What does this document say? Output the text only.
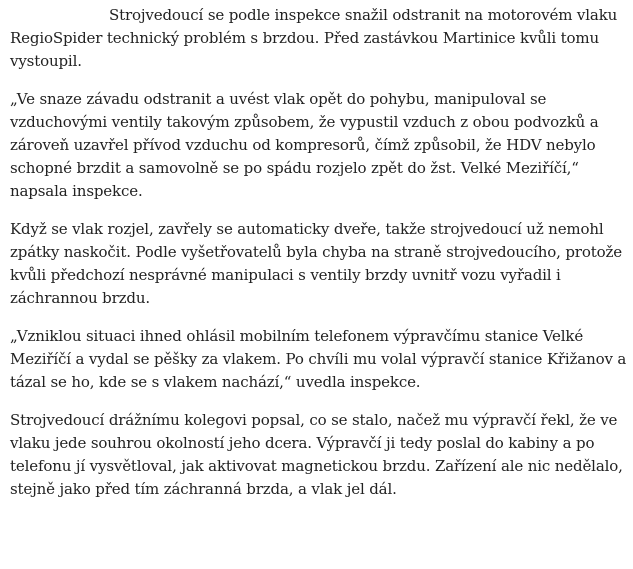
Strojvedoucí se podle inspekce snažil odstranit na motorovém vlaku RegioSpider technický problém s brzdou. Před zastávkou Martinice kvůli tomu vystoupil.

„Ve snaze závadu odstranit a uvést vlak opět do pohybu, manipuloval se vzduchovými ventily takovým způsobem, že vypustil vzduch z obou podvozků a zároveň uzavřel přívod vzduchu od kompresorů, čímž způsobil, že HDV nebylo schopné brzdit a samovolně se po spádu rozjelo zpět do žst. Velké Meziříčí,“ napsala inspekce.

Když se vlak rozjel, zavřely se automaticky dveře, takže strojvedoucí už nemohl zpátky naskočit. Podle vyšetřovatelů byla chyba na straně strojvedoucího, protože kvůli předchozí nesprávné manipulaci s ventily brzdy uvnitř vozu vyřadil i záchrannou brzdu.

„Vzniklou situaci ihned ohlásil mobilním telefonem výpravčímu stanice Velké Meziříčí a vydal se pěšky za vlakem. Po chvíli mu volal výpravčí stanice Křižanov a tázal se ho, kde se s vlakem nachází,“ uvedla inspekce.

Strojvedoucí drážnímu kolegovi popsal, co se stalo, načež mu výpravčí řekl, že ve vlaku jede souhrou okolností jeho dcera. Výpravčí ji tedy poslal do kabiny a po telefonu jí vysvětloval, jak aktivovat magnetickou brzdu. Zařízení ale nic nedělalo, stejně jako před tím záchranná brzda, a vlak jel dál.
